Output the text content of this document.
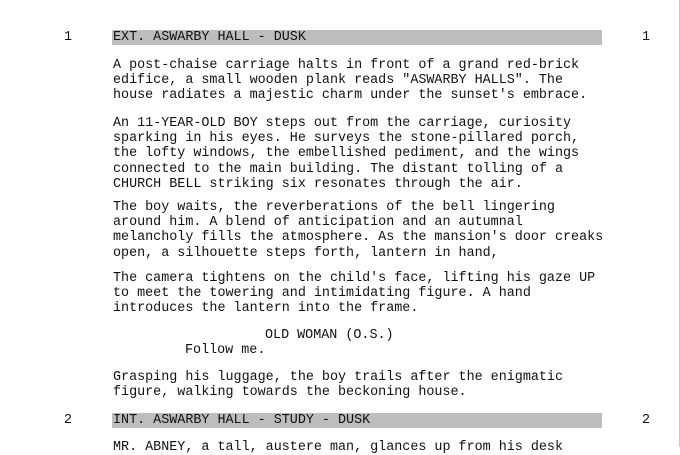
1	EXT. ASWARBY HALL - DUSK	1
A post-chaise carriage halts in front of a grand red-brick
edifice, a small wooden plank reads "ASWARBY HALLS". The
house radiates a majestic charm under the sunset's embrace.
An 11-YEAR-OLD BOY steps out from the carriage, curiosity
sparking in his eyes. He surveys the stone-pillared porch,
the lofty windows, the embellished pediment, and the wings
connected to the main building. The distant tolling of a
CHURCH BELL striking six resonates through the air.
The boy waits, the reverberations of the bell lingering
around him. A blend of anticipation and an autumnal
melancholy fills the atmosphere. As the mansion's door creaks
open, a silhouette steps forth, lantern in hand,
The camera tightens on the child's face, lifting his gaze UP
to meet the towering and intimidating figure. A hand
introduces the lantern into the frame.
OLD WOMAN (O.S.)
Follow me.
Grasping his luggage, the boy trails after the enigmatic
figure, walking towards the beckoning house.
2	INT. ASWARBY HALL - STUDY - DUSK	2
MR. ABNEY, a tall, austere man, glances up from his desk
